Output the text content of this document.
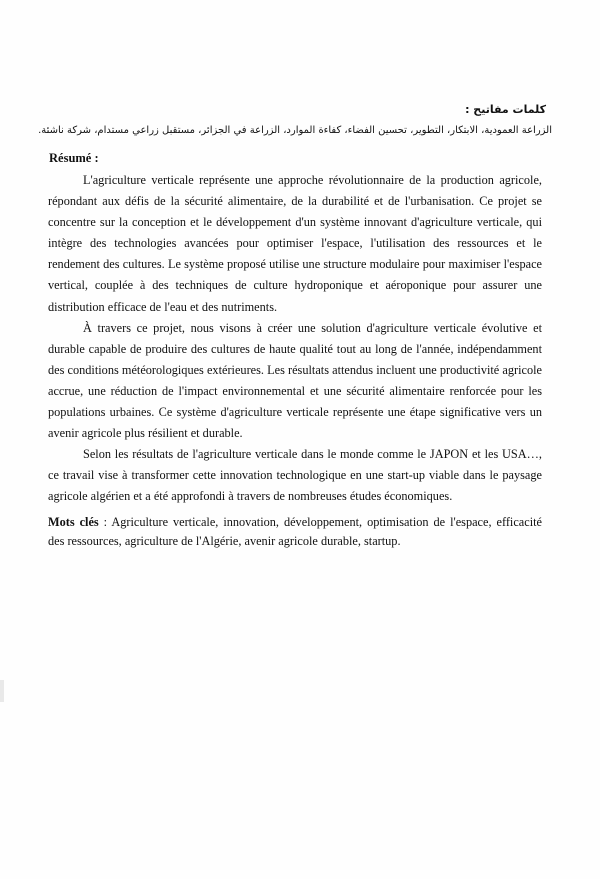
كلمات مفاتيح :
الزراعة العمودية، الابتكار، التطوير، تحسين الفضاء، كفاءة الموارد، الزراعة في الجزائر، مستقبل زراعي مستدام، شركة ناشئة.
Résumé :

L'agriculture verticale représente une approche révolutionnaire de la production agricole, répondant aux défis de la sécurité alimentaire, de la durabilité et de l'urbanisation. Ce projet se concentre sur la conception et le développement d'un système innovant d'agriculture verticale, qui intègre des technologies avancées pour optimiser l'espace, l'utilisation des ressources et le rendement des cultures. Le système proposé utilise une structure modulaire pour maximiser l'espace vertical, couplée à des techniques de culture hydroponique et aéroponique pour assurer une distribution efficace de l'eau et des nutriments.

À travers ce projet, nous visons à créer une solution d'agriculture verticale évolutive et durable capable de produire des cultures de haute qualité tout au long de l'année, indépendamment des conditions météorologiques extérieures. Les résultats attendus incluent une productivité agricole accrue, une réduction de l'impact environnemental et une sécurité alimentaire renforcée pour les populations urbaines. Ce système d'agriculture verticale représente une étape significative vers un avenir agricole plus résilient et durable.

Selon les résultats de l'agriculture verticale dans le monde comme le JAPON et les USA…, ce travail vise à transformer cette innovation technologique en une start-up viable dans le paysage agricole algérien et a été approfondi à travers de nombreuses études économiques.

Mots clés : Agriculture verticale, innovation, développement, optimisation de l'espace, efficacité des ressources, agriculture de l'Algérie, avenir agricole durable, startup.
